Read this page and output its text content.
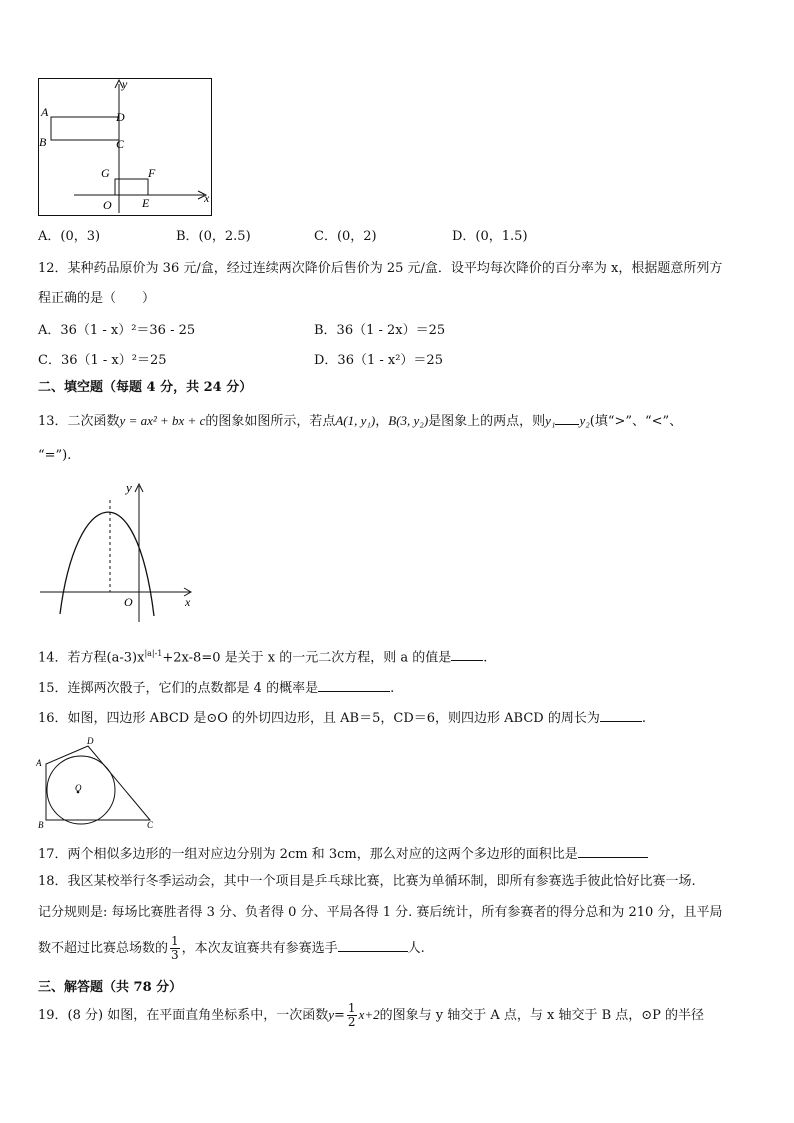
y
A
B
D
C
G	F
O	E	x
A．(0，3)	B．(0，2.5)	C．(0，2)	D．(0，1.5)
12．某种药品原价为 36 元/盒，经过连续两次降价后售价为 25 元/盒．设平均每次降价的百分率为 x，根据题意所列方
程正确的是（　　）
A．36（1 - x）²＝36 - 25	B．36（1 - 2x）＝25
C．36（1 - x）²＝25	D．36（1 - x²）＝25
二、填空题（每题 4 分，共 24 分）
13．二次函数y = ax² + bx + c的图象如图所示，若点A(1, y₁)，B(3, y₂)是图象上的两点，则y₁ y₂(填“>”、“<”、
“=”).
y
O	x
14．若方程$(a-3)x^{|a|-1}+2x-8=0$ 是关于 x 的一元二次方程，则 a 的值是 .
15．连掷两次骰子，它们的点数都是 4 的概率是	.
16．如图，四边形 ABCD 是⊙O 的外切四边形，且 AB＝5，CD＝6，则四边形 ABCD 的周长为	.
A
D
B	C
O
17．两个相似多边形的一组对应边分别为 2cm 和 3cm，那么对应的这两个多边形的面积比是
18．我区某校举行冬季运动会，其中一个项目是乒乓球比赛，比赛为单循环制，即所有参赛选手彼此恰好比赛一场.
记分规则是: 每场比赛胜者得 3 分、负者得 0 分、平局各得 1 分. 赛后统计，所有参赛者的得分总和为 210 分，且平局
数不超过比赛总场数的 $\frac{1}{3}$ ，本次友谊赛共有参赛选手	人.
三、解答题（共 78 分）
19．(8 分) 如图，在平面直角坐标系中，一次函数$y= \frac{1}{2} x+2$的图象与 y 轴交于 A 点，与 x 轴交于 B 点，⊙P 的半径
